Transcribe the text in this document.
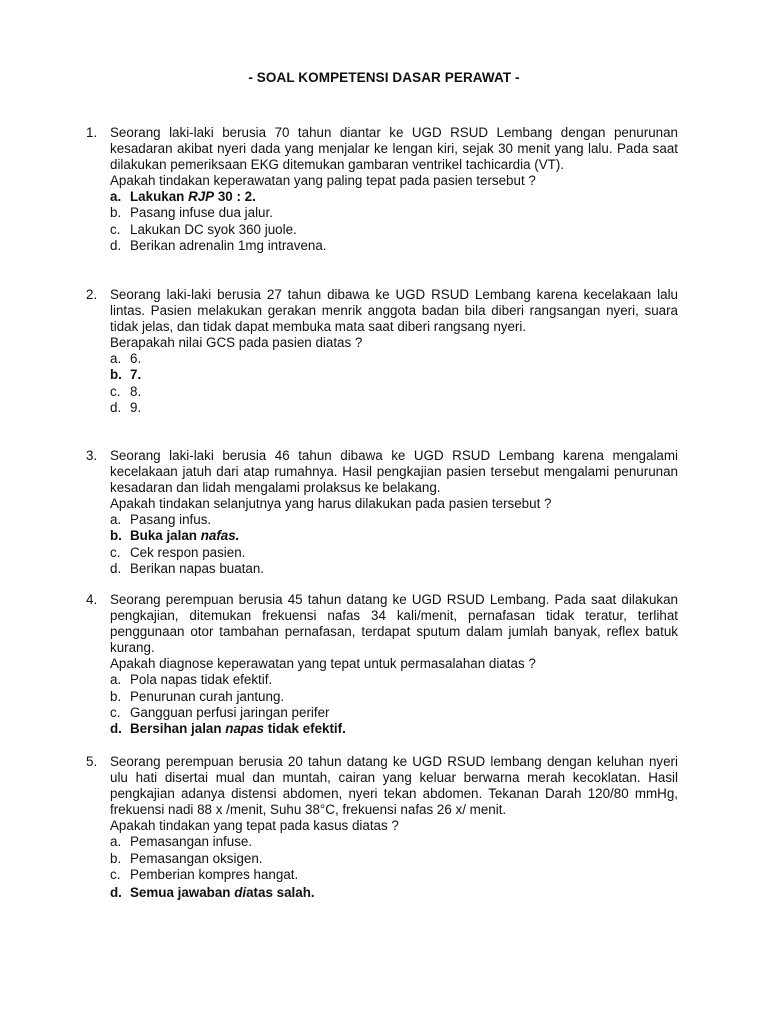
- SOAL KOMPETENSI DASAR PERAWAT -
1. Seorang laki-laki berusia 70 tahun diantar ke UGD RSUD Lembang dengan penurunan kesadaran akibat nyeri dada yang menjalar ke lengan kiri, sejak 30 menit yang lalu. Pada saat dilakukan pemeriksaan EKG ditemukan gambaran ventrikel tachicardia (VT).
Apakah tindakan keperawatan yang paling tepat pada pasien tersebut ?
a. Lakukan RJP 30 : 2.
b. Pasang infuse dua jalur.
c. Lakukan DC syok 360 juole.
d. Berikan adrenalin 1mg intravena.
2. Seorang laki-laki berusia 27 tahun dibawa ke UGD RSUD Lembang karena kecelakaan lalu lintas. Pasien melakukan gerakan menrik anggota badan bila diberi rangsangan nyeri, suara tidak jelas, dan tidak dapat membuka mata saat diberi rangsang nyeri.
Berapakah nilai GCS pada pasien diatas ?
a. 6.
b. 7.
c. 8.
d. 9.
3. Seorang laki-laki berusia 46 tahun dibawa ke UGD RSUD Lembang karena mengalami kecelakaan jatuh dari atap rumahnya. Hasil pengkajian pasien tersebut mengalami penurunan kesadaran dan lidah mengalami prolaksus ke belakang.
Apakah tindakan selanjutnya yang harus dilakukan pada pasien tersebut ?
a. Pasang infus.
b. Buka jalan nafas.
c. Cek respon pasien.
d. Berikan napas buatan.
4. Seorang perempuan berusia 45 tahun datang ke UGD RSUD Lembang. Pada saat dilakukan pengkajian, ditemukan frekuensi nafas 34 kali/menit, pernafasan tidak teratur, terlihat penggunaan otor tambahan pernafasan, terdapat sputum dalam jumlah banyak, reflex batuk kurang.
Apakah diagnose keperawatan yang tepat untuk permasalahan diatas ?
a. Pola napas tidak efektif.
b. Penurunan curah jantung.
c. Gangguan perfusi jaringan perifer
d. Bersihan jalan napas tidak efektif.
5. Seorang perempuan berusia 20 tahun datang ke UGD RSUD lembang dengan keluhan nyeri ulu hati disertai mual dan muntah, cairan yang keluar berwarna merah kecoklatan. Hasil pengkajian adanya distensi abdomen, nyeri tekan abdomen. Tekanan Darah 120/80 mmHg, frekuensi nadi 88 x /menit, Suhu 38°C, frekuensi nafas 26 x/ menit.
Apakah tindakan yang tepat pada kasus diatas ?
a. Pemasangan infuse.
b. Pemasangan oksigen.
c. Pemberian kompres hangat.
d. Semua jawaban diatas salah.
